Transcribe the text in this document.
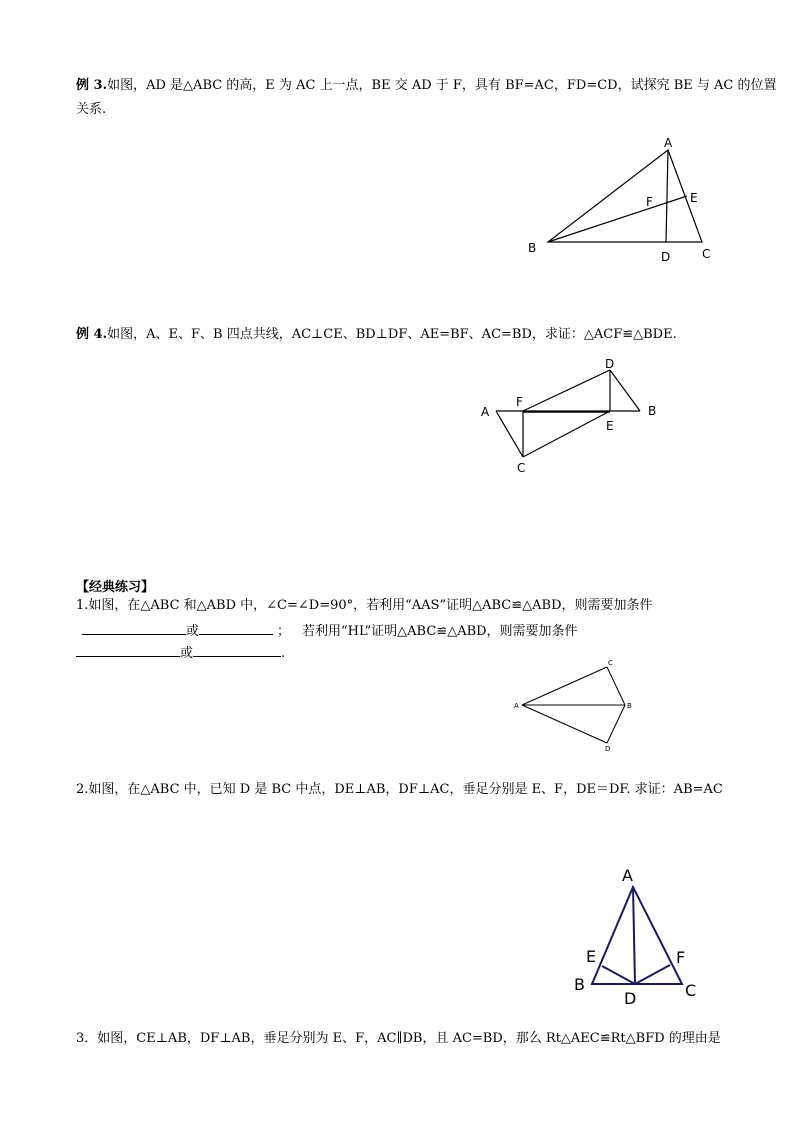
例 3.如图，AD 是△ABC 的高，E 为 AC 上一点，BE 交 AD 于 F，具有 BF=AC，FD=CD，试探究 BE 与 AC 的位置
关系.
A
B	C
D
E
F
例 4.如图，A、E、F、B 四点共线，AC⊥CE、BD⊥DF、AE=BF、AC=BD，求证：△ACF≌△BDE.
A	B
C
D
E
F
【经典练习】
1.如图，在△ABC 和△ABD 中，∠C=∠D=90°，若利用“AAS”证明△ABC≌△ABD，则需要加条件
或	； 若利用“HL”证明△ABC≌△ABD，则需要加条件
或	.
A	B
C
D
2.如图，在△ABC 中，已知 D 是 BC 中点，DE⊥AB，DF⊥AC，垂足分别是 E、F，DE＝DF. 求证：AB=AC
A
B	C
D
E	F
3．如图，CE⊥AB，DF⊥AB，垂足分别为 E、F，AC∥DB，且 AC=BD，那么 Rt△AEC≌Rt△BFD 的理由是
